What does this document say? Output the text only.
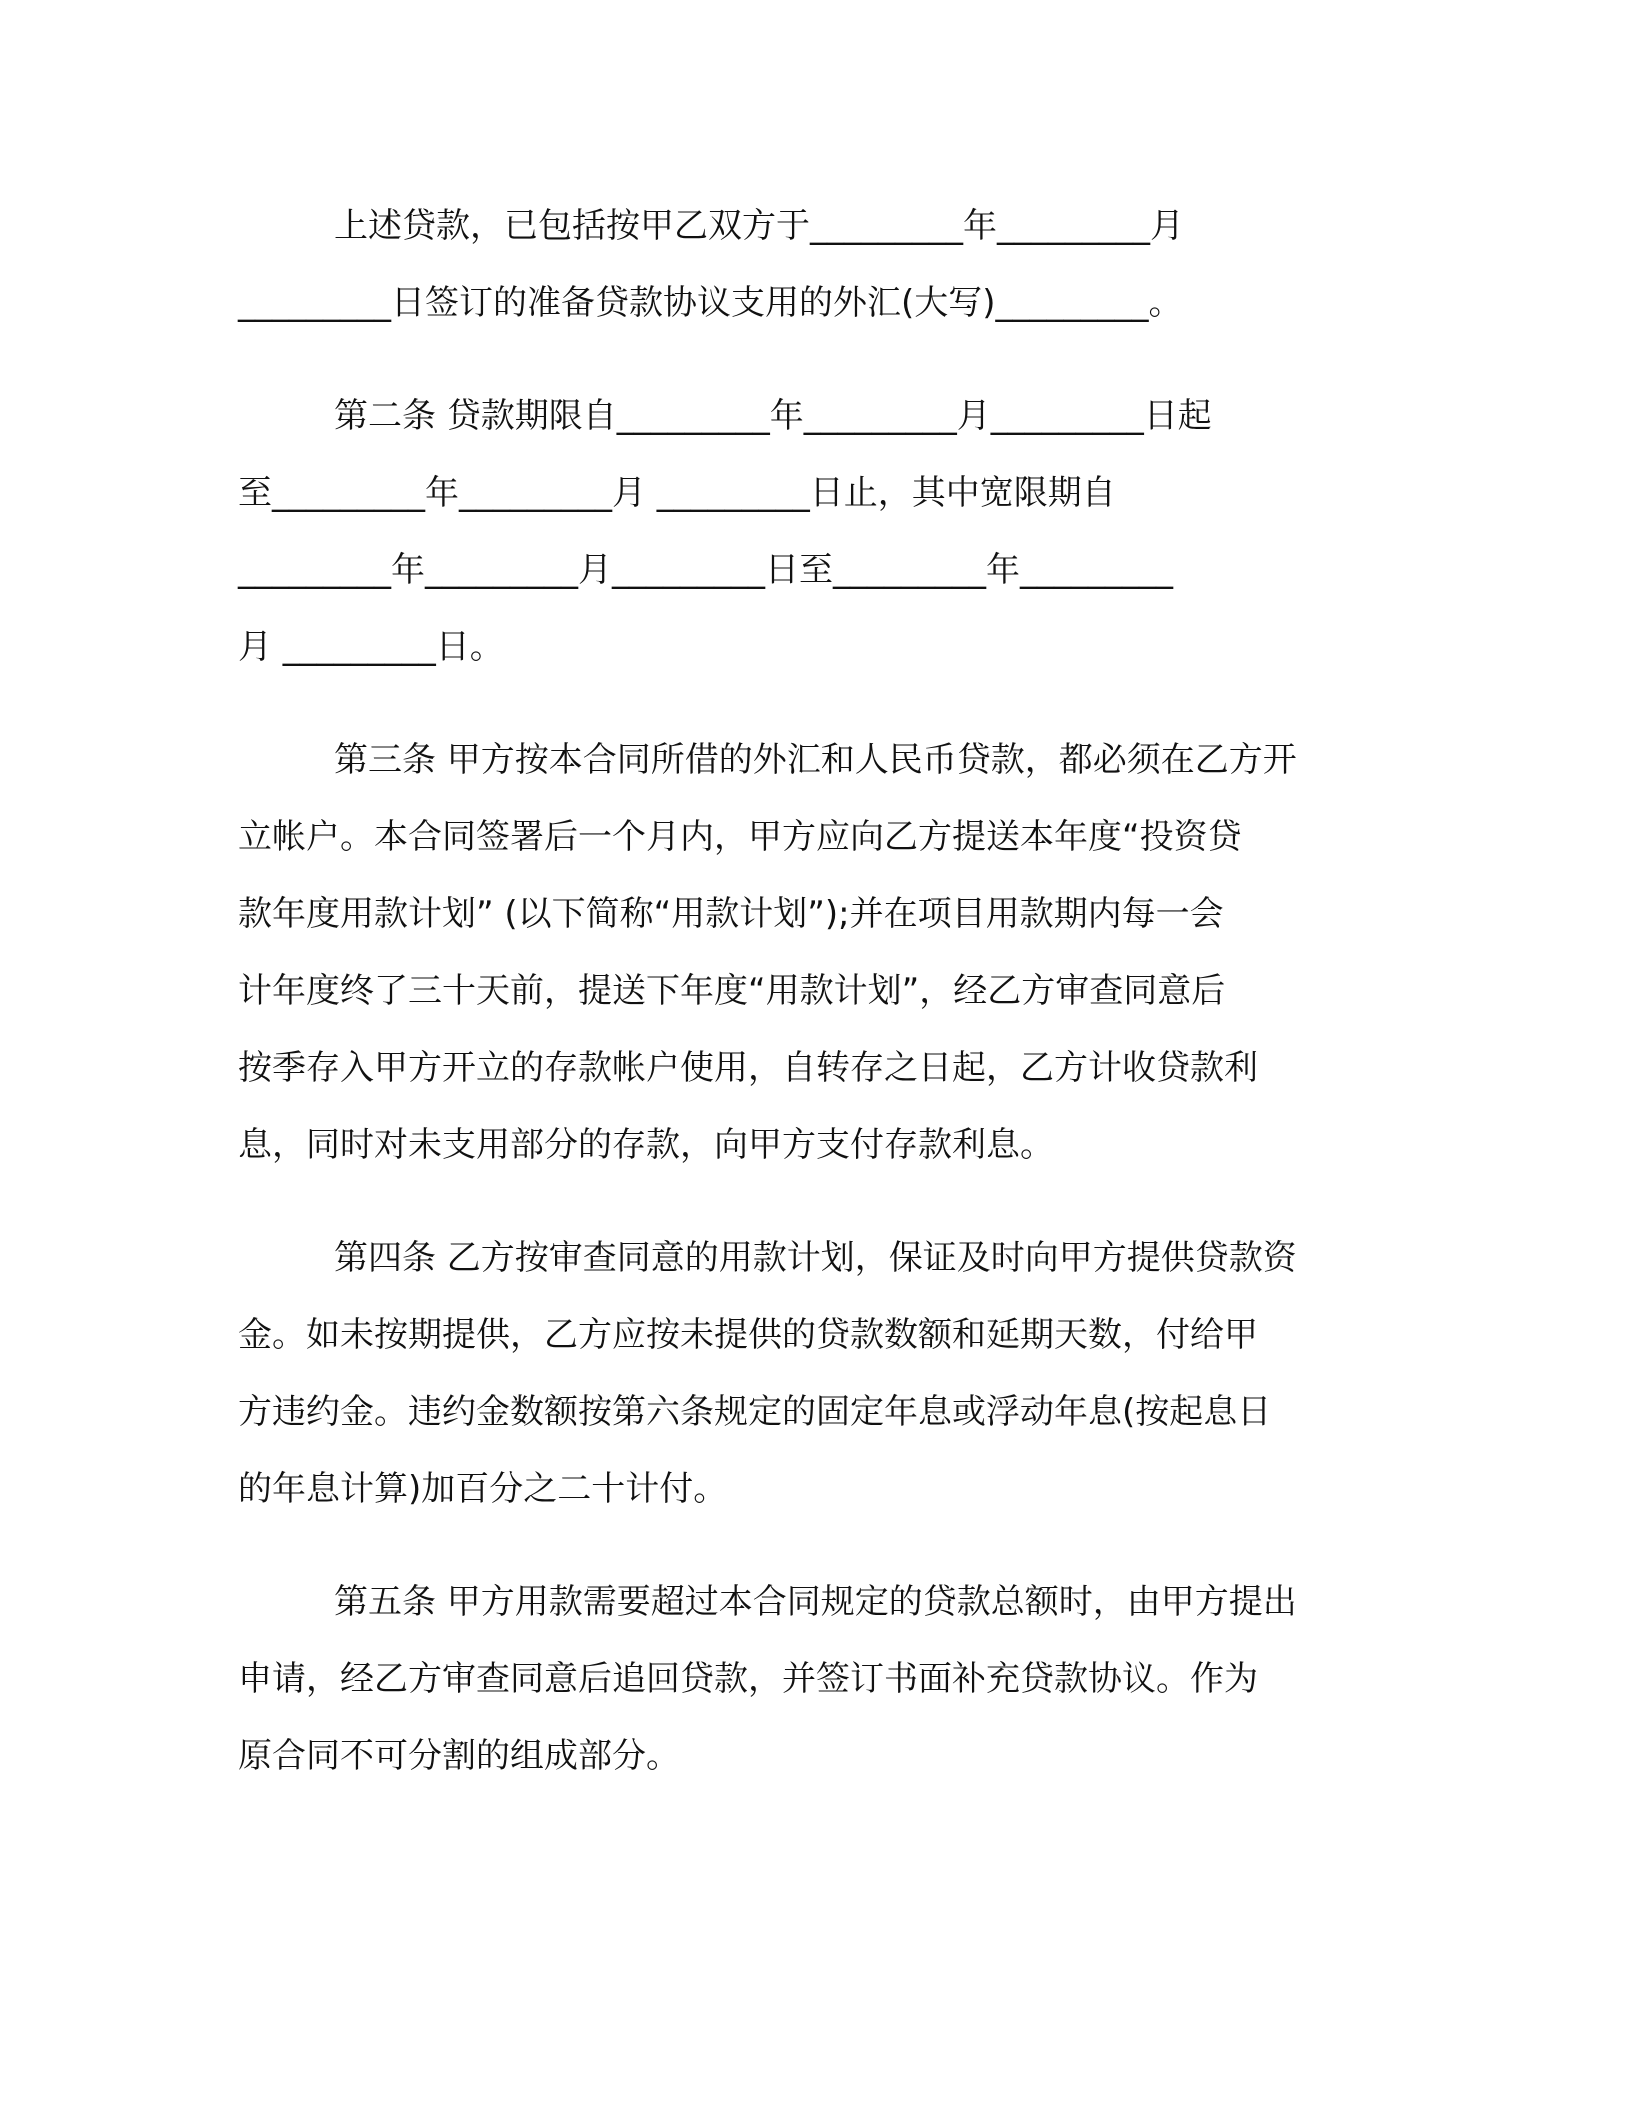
上述贷款，已包括按甲乙双方于_________年_________月
_________日签订的准备贷款协议支用的外汇(大写)_________。

第二条 贷款期限自_________年_________月_________日起
至_________年_________月 _________日止，其中宽限期自
_________年_________月_________日至_________年_________
月 _________日。

第三条 甲方按本合同所借的外汇和人民币贷款，都必须在乙方开
立帐户。本合同签署后一个月内，甲方应向乙方提送本年度“投资贷
款年度用款计划” (以下简称“用款计划”);并在项目用款期内每一会
计年度终了三十天前，提送下年度“用款计划”，经乙方审查同意后
按季存入甲方开立的存款帐户使用，自转存之日起，乙方计收贷款利
息，同时对未支用部分的存款，向甲方支付存款利息。

第四条 乙方按审查同意的用款计划，保证及时向甲方提供贷款资
金。如未按期提供，乙方应按未提供的贷款数额和延期天数，付给甲
方违约金。违约金数额按第六条规定的固定年息或浮动年息(按起息日
的年息计算)加百分之二十计付。

第五条 甲方用款需要超过本合同规定的贷款总额时，由甲方提出
申请，经乙方审查同意后追回贷款，并签订书面补充贷款协议。作为
原合同不可分割的组成部分。
